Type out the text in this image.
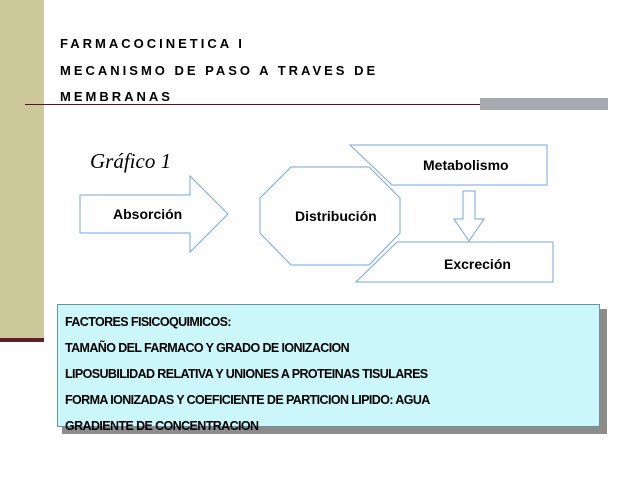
FARMACOCINETICA I
MECANISMO DE PASO A TRAVES DE
MEMBRANAS
Gráfico 1
Absorción	Distribución
Metabolismo
Excreción
FACTORES FISICOQUIMICOS:
TAMAÑO DEL FARMACO Y GRADO DE IONIZACION
LIPOSUBILIDAD RELATIVA Y UNIONES A PROTEINAS TISULARES
FORMA IONIZADAS Y COEFICIENTE DE PARTICION LIPIDO: AGUA
GRADIENTE DE CONCENTRACION
